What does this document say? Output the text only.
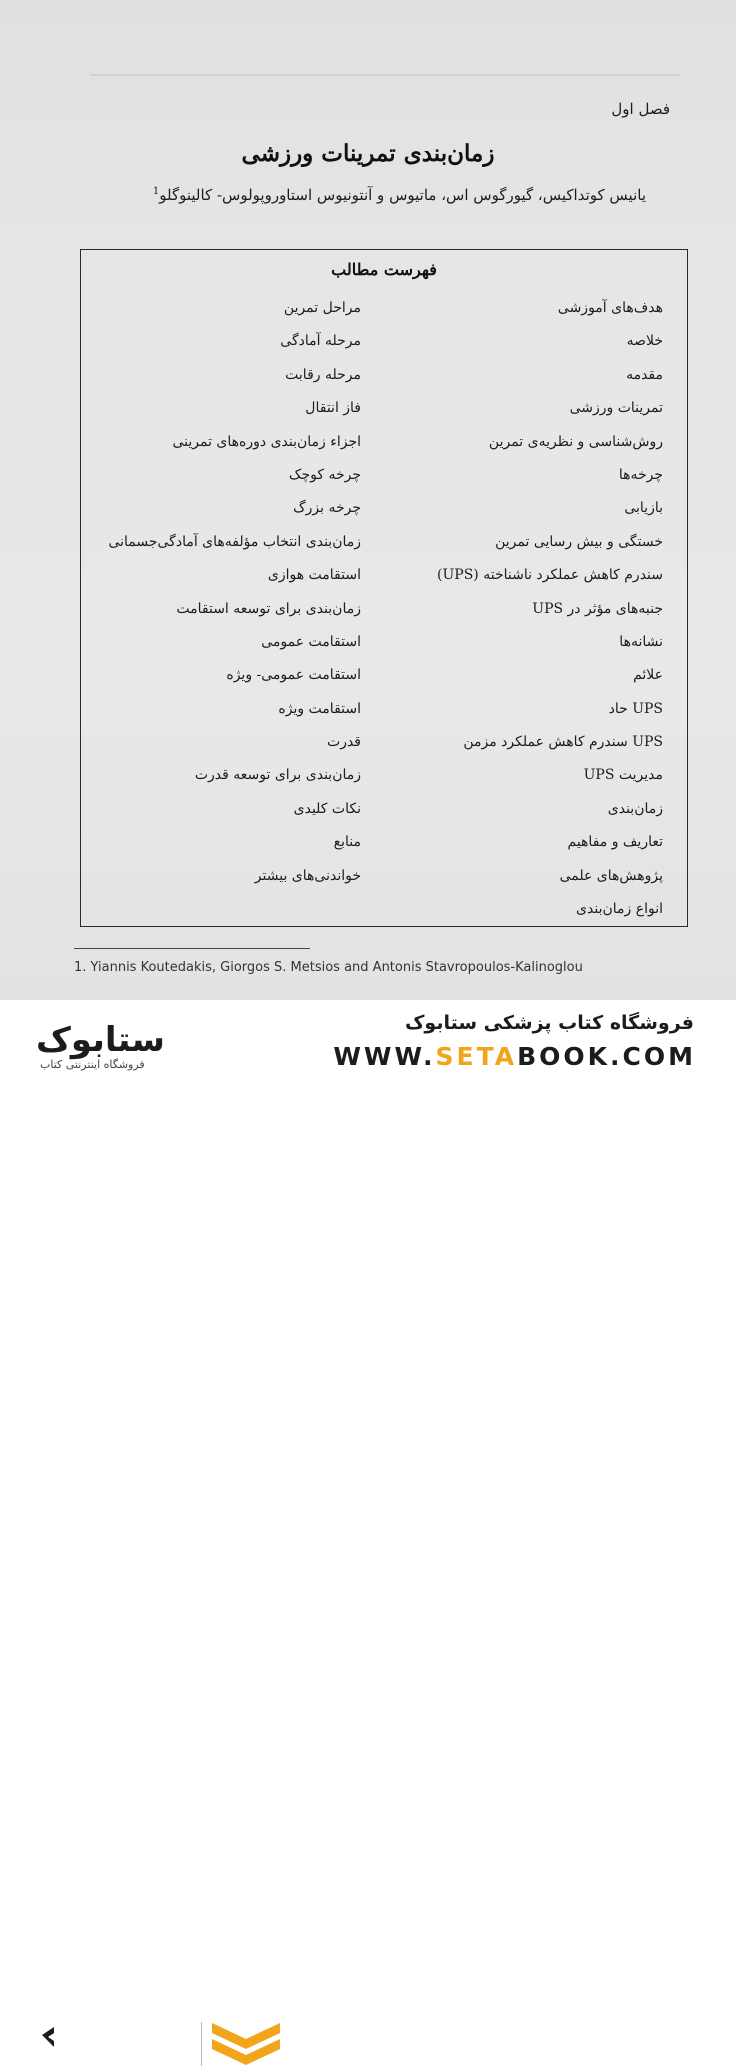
فصل اول
زمان‌بندی تمرینات ورزشی
یانیس کوتداکیس، گیورگوس اس، ماتیوس و آنتونیوس استاوروپولوس- کالینوگلو$^1$
فهرست مطالب
هدف‌های آموزشی
خلاصه
مقدمه
تمرینات ورزشی
روش‌شناسی و نظریه‌ی تمرین
چرخه‌ها
بازیابی
خستگی و بیش رسایی تمرین
سندرم کاهش عملکرد ناشناخته (UPS)
جنبه‌های مؤثر در UPS
نشانه‌ها
علائم
UPS حاد
UPS سندرم کاهش عملکرد مزمن
مدیریت UPS
زمان‌بندی
تعاریف و مفاهیم
پژوهش‌های علمی
انواع زمان‌بندی
مراحل تمرین
مرحله آمادگی
مرحله رقابت
فاز انتقال
اجزاء زمان‌بندی دوره‌های تمرینی
چرخه کوچک
چرخه بزرگ
زمان‌بندی انتخاب مؤلفه‌های آمادگی‌جسمانی
استقامت هوازی
زمان‌بندی برای توسعه استقامت
استقامت عمومی
استقامت عمومی- ویژه
استقامت ویژه
قدرت
زمان‌بندی برای توسعه قدرت
نکات کلیدی
منابع
خواندنی‌های بیشتر
1. Yiannis Koutedakis, Giorgos S. Metsios and Antonis Stavropoulos-Kalinoglou
ستابوک
فروشگاه اینترنتی کتاب
فروشگاه کتاب پزشکی ستابوک
WWW.SETABOOK.COM
